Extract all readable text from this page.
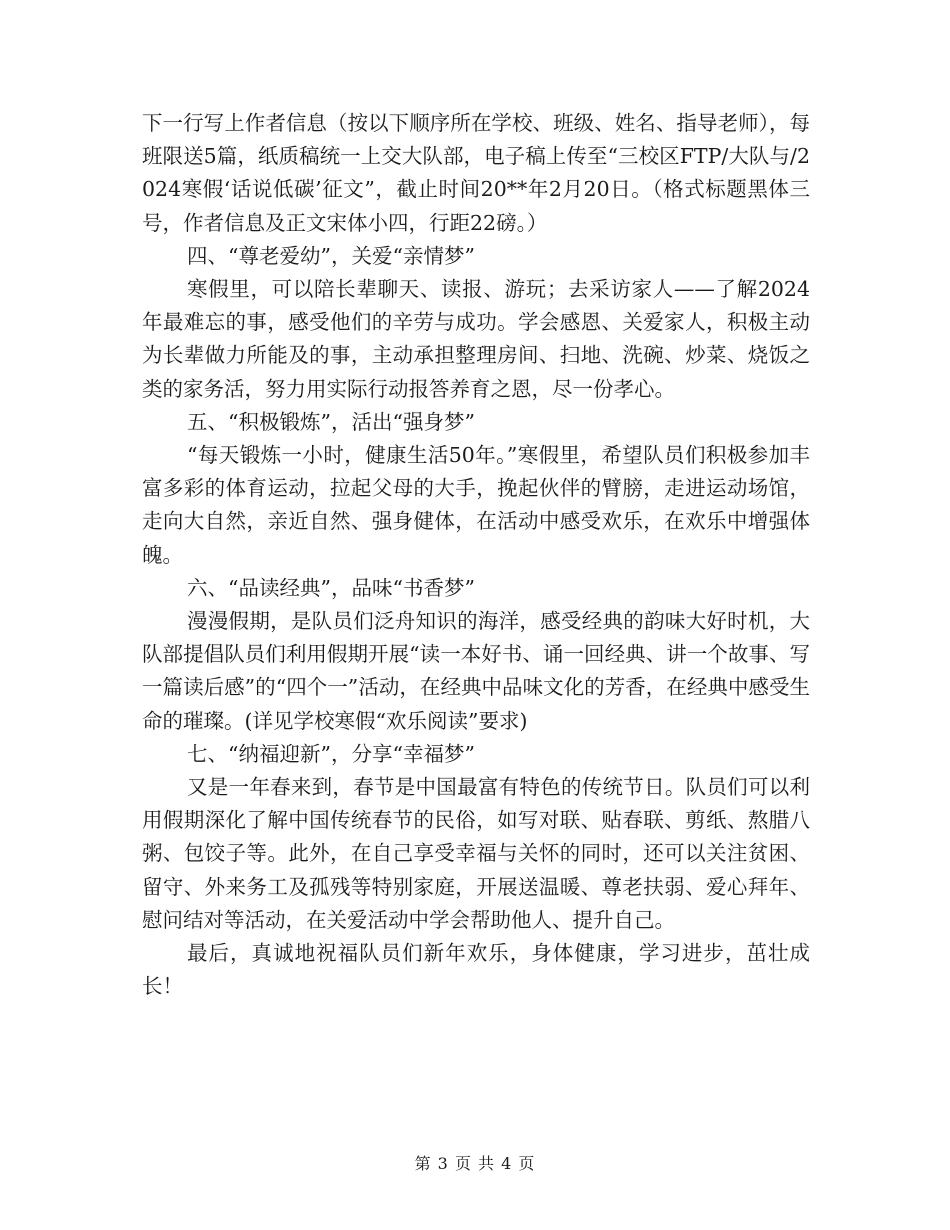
下一行写上作者信息（按以下顺序所在学校、班级、姓名、指导老师），每班限送5篇，纸质稿统一上交大队部，电子稿上传至“三校区FTP/大队与/2024寒假‘话说低碳’征文”，截止时间20**年2月20日。（格式标题黑体三号，作者信息及正文宋体小四，行距22磅。）

四、“尊老爱幼”，关爱“亲情梦”

寒假里，可以陪长辈聊天、读报、游玩；去采访家人——了解2024年最难忘的事，感受他们的辛劳与成功。学会感恩、关爱家人，积极主动为长辈做力所能及的事，主动承担整理房间、扫地、洗碗、炒菜、烧饭之类的家务活，努力用实际行动报答养育之恩，尽一份孝心。

五、“积极锻炼”，活出“强身梦”

“每天锻炼一小时，健康生活50年。”寒假里，希望队员们积极参加丰富多彩的体育运动，拉起父母的大手，挽起伙伴的臂膀，走进运动场馆，走向大自然，亲近自然、强身健体，在活动中感受欢乐，在欢乐中增强体魄。

六、“品读经典”，品味“书香梦”

漫漫假期，是队员们泛舟知识的海洋，感受经典的韵味大好时机，大队部提倡队员们利用假期开展“读一本好书、诵一回经典、讲一个故事、写一篇读后感”的“四个一”活动，在经典中品味文化的芳香，在经典中感受生命的璀璨。(详见学校寒假“欢乐阅读”要求)

七、“纳福迎新”，分享“幸福梦”

又是一年春来到，春节是中国最富有特色的传统节日。队员们可以利用假期深化了解中国传统春节的民俗，如写对联、贴春联、剪纸、熬腊八粥、包饺子等。此外，在自己享受幸福与关怀的同时，还可以关注贫困、留守、外来务工及孤残等特别家庭，开展送温暖、尊老扶弱、爱心拜年、慰问结对等活动，在关爱活动中学会帮助他人、提升自己。

最后，真诚地祝福队员们新年欢乐，身体健康，学习进步，茁壮成长！

第 3 页 共 4 页
